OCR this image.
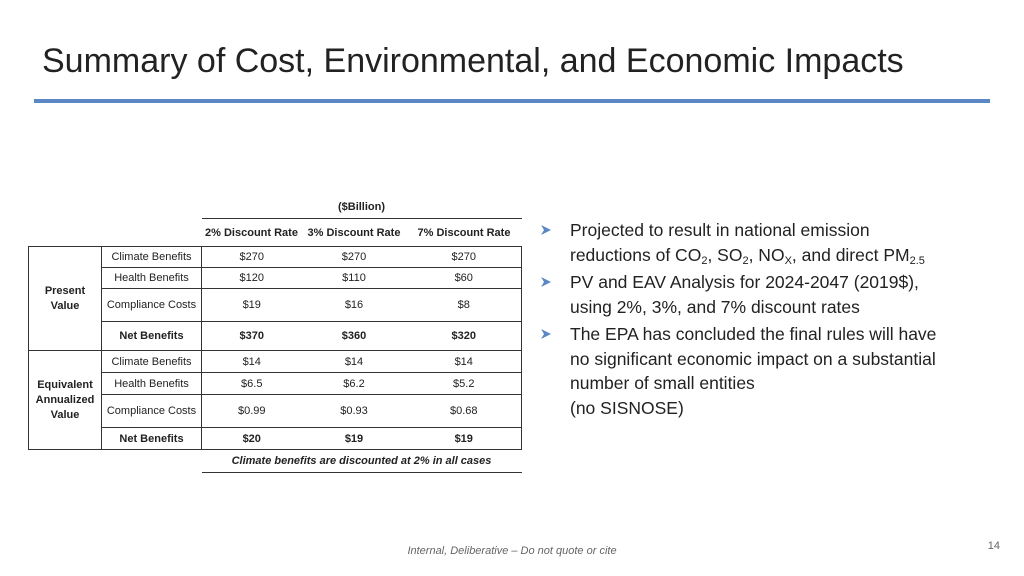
Summary of Cost, Environmental, and Economic Impacts
		($Billion)		
		2% Discount Rate	3% Discount Rate	7% Discount Rate

Present
Value	Climate Benefits	$270	$270	$270
	Health Benefits	$120	$110	$60
	Compliance Costs	$19	$16	$8
	Net Benefits	$370	$360	$320

Equivalent
Annualized
Value	Climate Benefits	$14	$14	$14
	Health Benefits	$6.5	$6.2	$5.2
	Compliance Costs	$0.99	$0.93	$0.68
	Net Benefits	$20	$19	$19
		Climate benefits are discounted at 2% in all cases		
Projected to result in national emission
reductions of $CO_2$, $SO_2$, $NO_X$, and direct $PM_{2.5}$
PV and EAV Analysis for 2024-2047 (2019$),
using 2%, 3%, and 7% discount rates
The EPA has concluded the final rules will have
no significant economic impact on a substantial
number of small entities
(no SISNOSE)
Internal, Deliberative – Do not quote or cite	14
